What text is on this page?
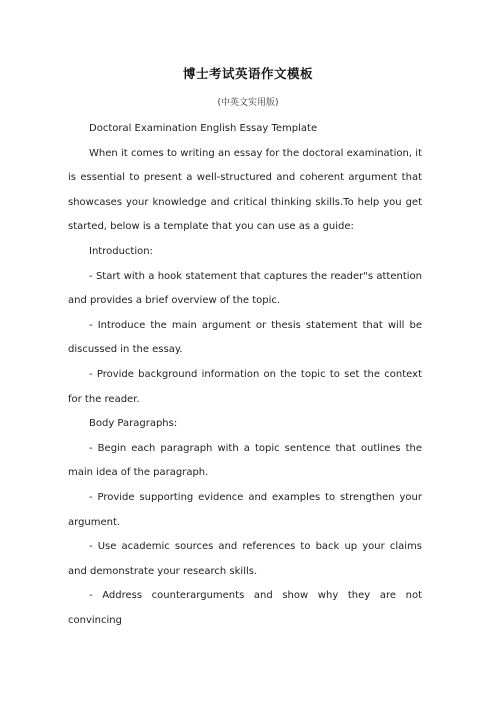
博士考试英语作文模板
(中英文实用版)

Doctoral Examination English Essay Template

When it comes to writing an essay for the doctoral examination, it is essential to present a well-structured and coherent argument that showcases your knowledge and critical thinking skills.To help you get started, below is a template that you can use as a guide:

Introduction:

- Start with a hook statement that captures the reader"s attention and provides a brief overview of the topic.

- Introduce the main argument or thesis statement that will be discussed in the essay.

- Provide background information on the topic to set the context for the reader.

Body Paragraphs:

- Begin each paragraph with a topic sentence that outlines the main idea of the paragraph.

- Provide supporting evidence and examples to strengthen your argument.

- Use academic sources and references to back up your claims and demonstrate your research skills.

- Address counterarguments and show why they are not convincing
